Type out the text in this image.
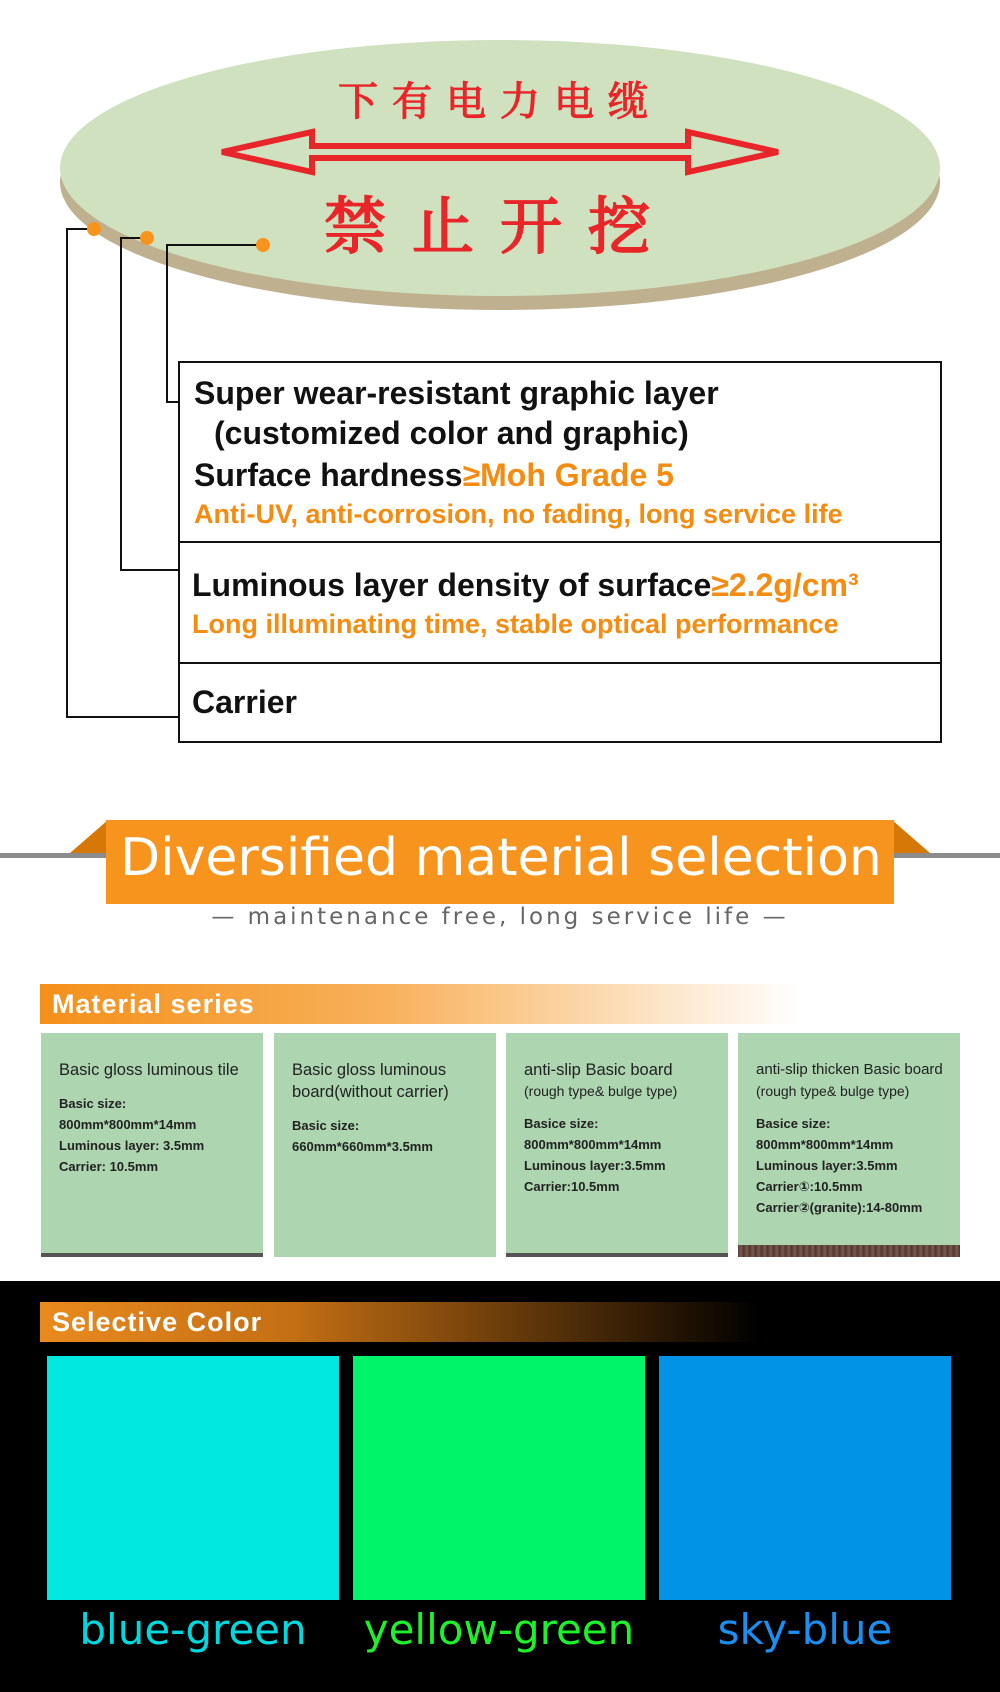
下有电力电缆
禁止开挖
Super wear-resistant graphic layer
(customized color and graphic)
Surface hardness≥Moh Grade 5
Anti-UV, anti-corrosion, no fading, long service life
Luminous layer density of surface≥2.2g/cm³
Long illuminating time, stable optical performance
Carrier
Diversified material selection
— maintenance free, long service life —
Material series
Basic gloss luminous tile
Basic size:
800mm*800mm*14mm
Luminous layer: 3.5mm
Carrier: 10.5mm
Basic gloss luminous board(without carrier)
Basic size:
660mm*660mm*3.5mm
anti-slip Basic board
(rough type& bulge type)
Basice size:
800mm*800mm*14mm
Luminous layer:3.5mm
Carrier:10.5mm
anti-slip thicken Basic board
(rough type& bulge type)
Basice size:
800mm*800mm*14mm
Luminous layer:3.5mm
Carrier①:10.5mm
Carrier②(granite):14-80mm
Selective Color
blue-green	yellow-green	sky-blue
